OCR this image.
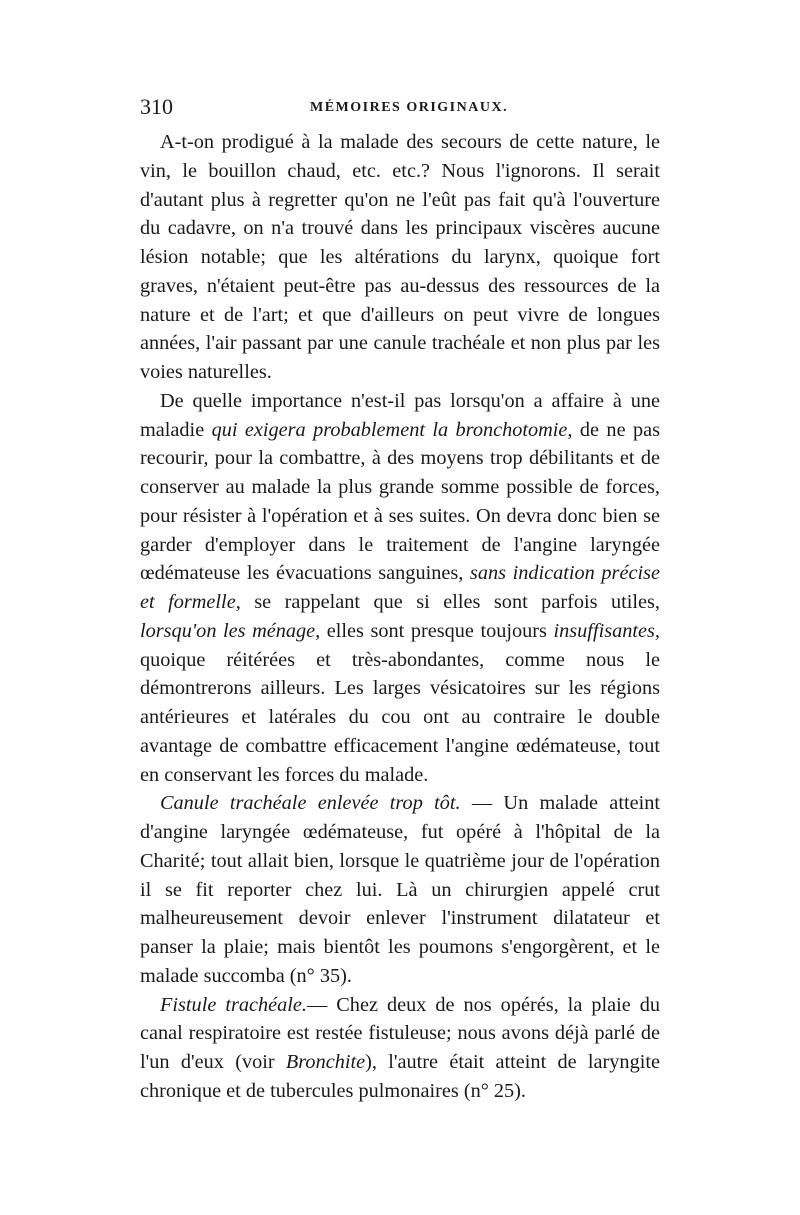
310	MÉMOIRES ORIGINAUX.

A-t-on prodigué à la malade des secours de cette nature, le vin, le bouillon chaud, etc. etc.? Nous l'ignorons. Il serait d'autant plus à regretter qu'on ne l'eût pas fait qu'à l'ouverture du cadavre, on n'a trouvé dans les principaux viscères aucune lésion notable; que les altérations du larynx, quoique fort graves, n'étaient peut-être pas au-dessus des ressources de la nature et de l'art; et que d'ailleurs on peut vivre de longues années, l'air passant par une canule trachéale et non plus par les voies naturelles.

De quelle importance n'est-il pas lorsqu'on a affaire à une maladie qui exigera probablement la bronchotomie, de ne pas recourir, pour la combattre, à des moyens trop débilitants et de conserver au malade la plus grande somme possible de forces, pour résister à l'opération et à ses suites. On devra donc bien se garder d'employer dans le traitement de l'angine laryngée œdémateuse les évacuations sanguines, sans indication précise et formelle, se rappelant que si elles sont parfois utiles, lorsqu'on les ménage, elles sont presque toujours insuffisantes, quoique réitérées et très-abondantes, comme nous le démontrerons ailleurs. Les larges vésicatoires sur les régions antérieures et latérales du cou ont au contraire le double avantage de combattre efficacement l'angine œdémateuse, tout en conservant les forces du malade.

Canule trachéale enlevée trop tôt. — Un malade atteint d'angine laryngée œdémateuse, fut opéré à l'hôpital de la Charité; tout allait bien, lorsque le quatrième jour de l'opération il se fit reporter chez lui. Là un chirurgien appelé crut malheureusement devoir enlever l'instrument dilatateur et panser la plaie; mais bientôt les poumons s'engorgèrent, et le malade succomba (n° 35).

Fistule trachéale.— Chez deux de nos opérés, la plaie du canal respiratoire est restée fistuleuse; nous avons déjà parlé de l'un d'eux (voir Bronchite), l'autre était atteint de laryngite chronique et de tubercules pulmonaires (n° 25).
